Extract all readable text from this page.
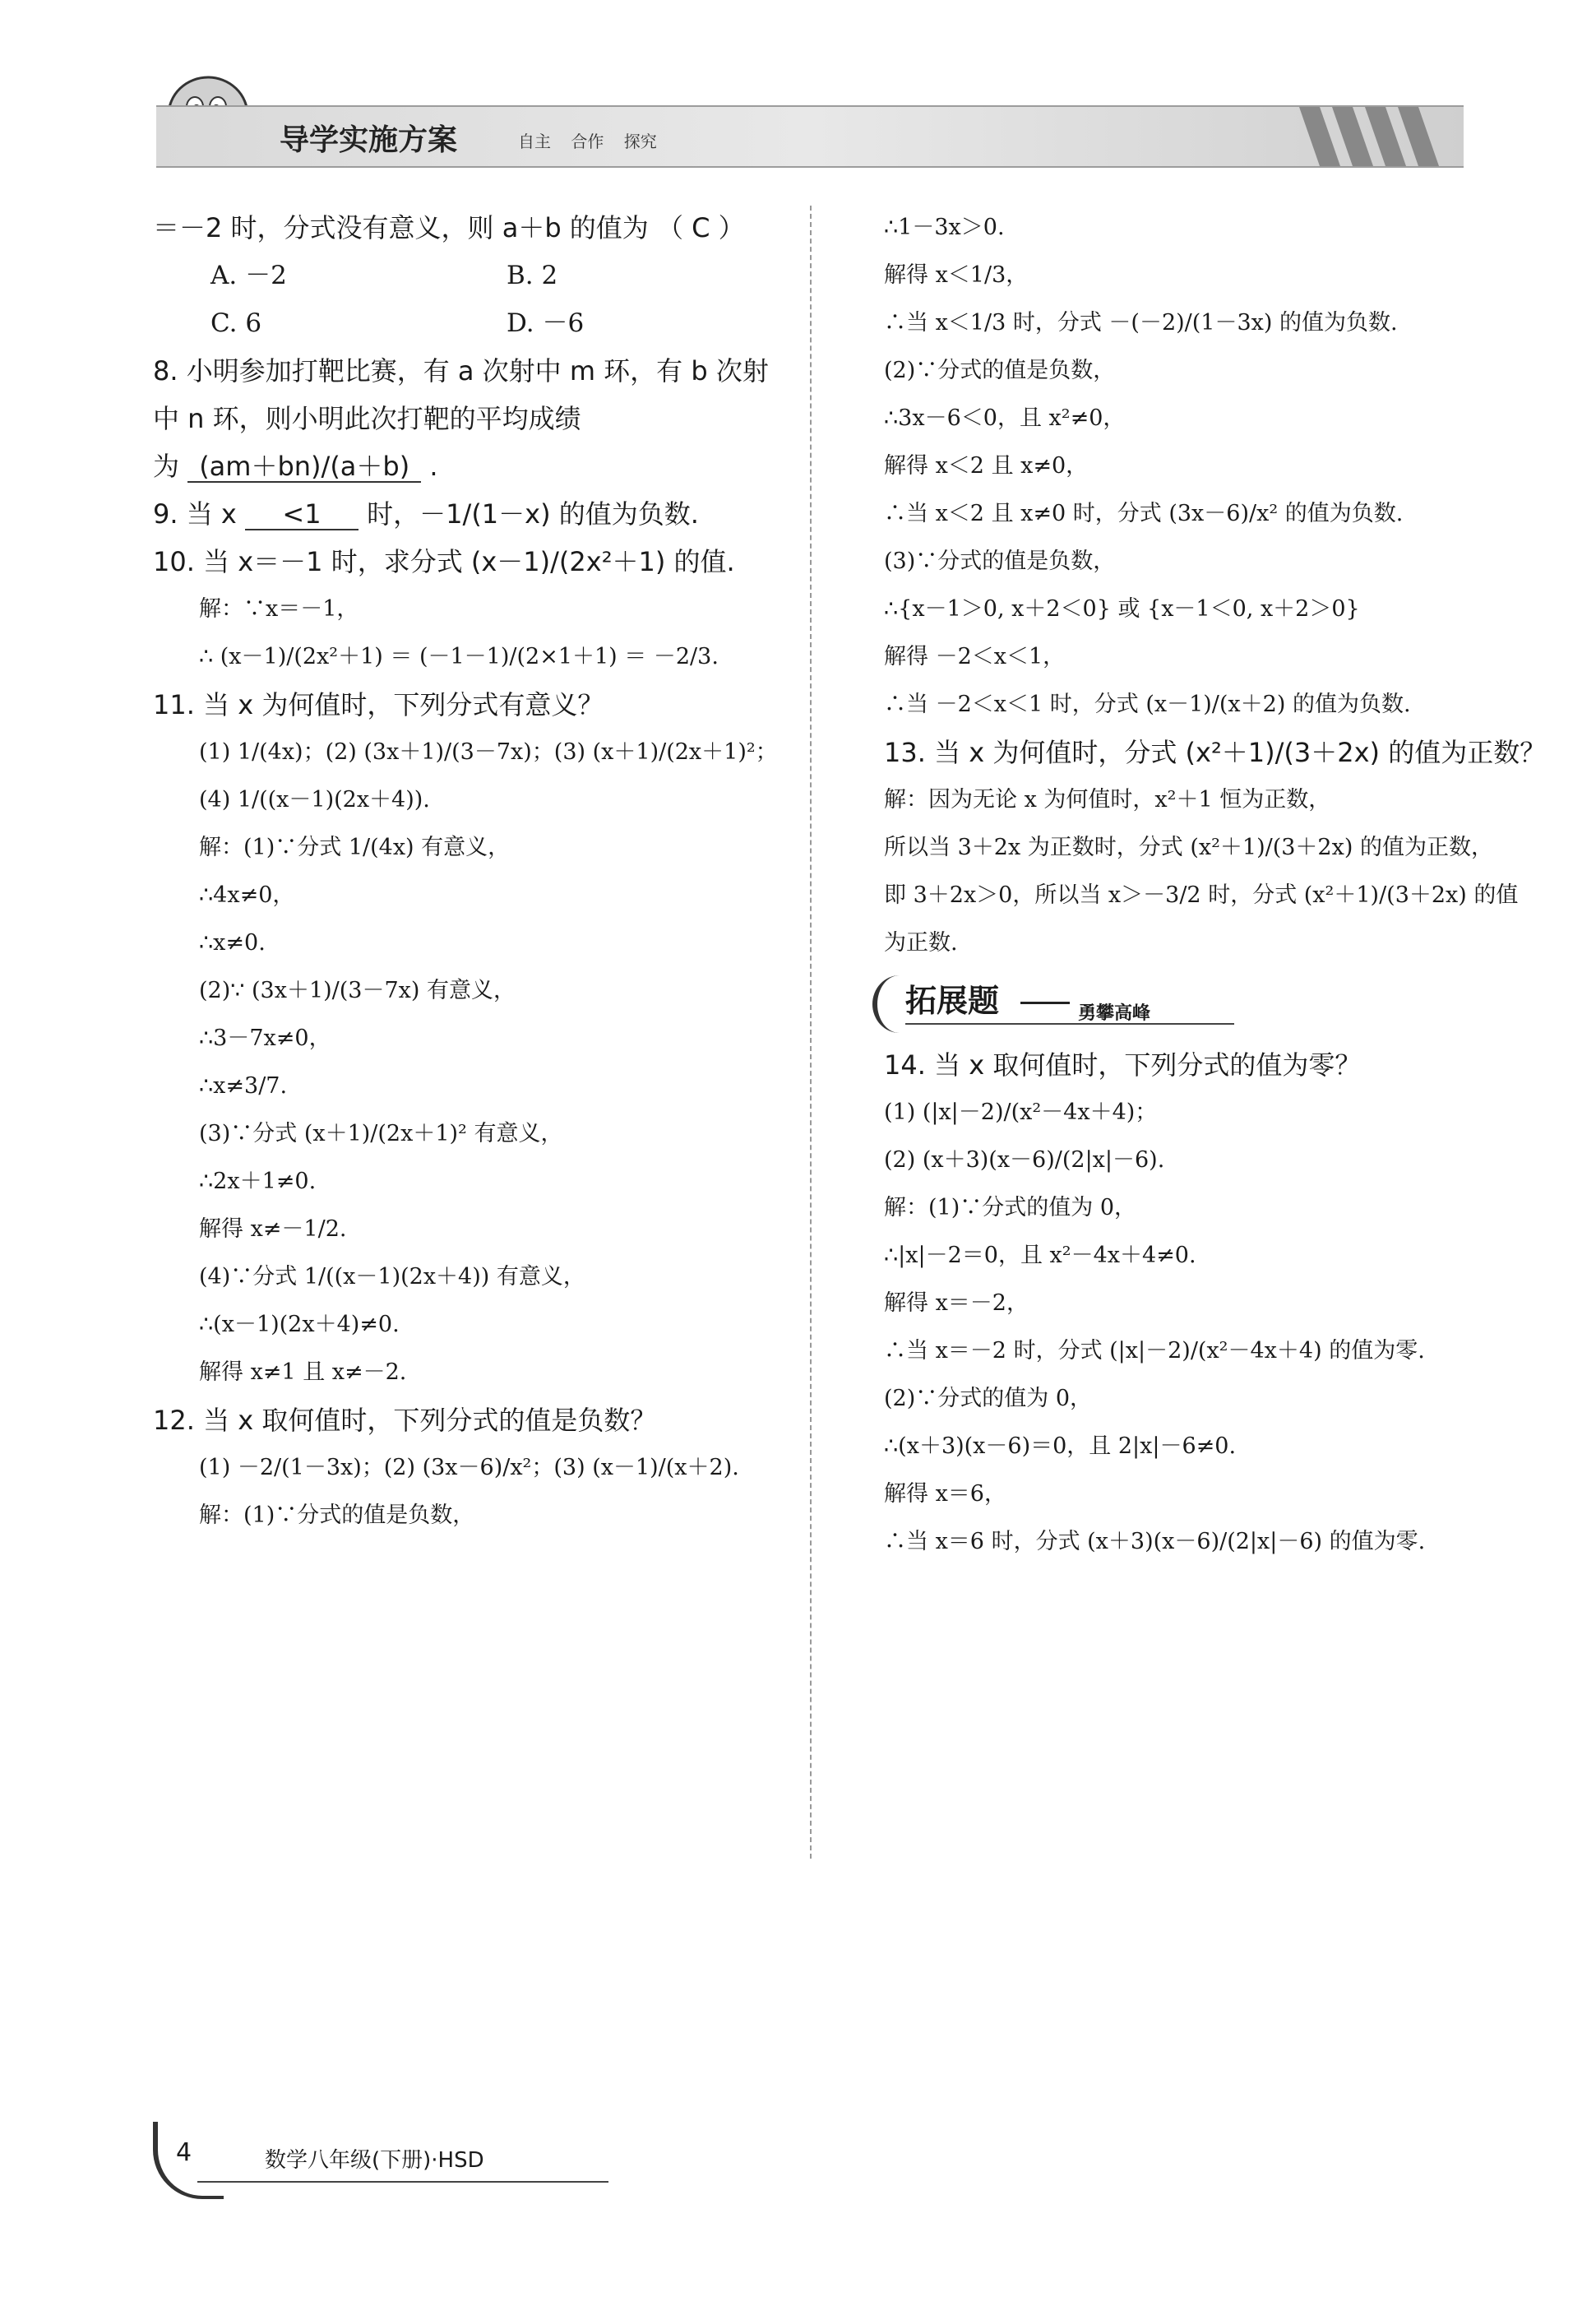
导学实施方案	自主 合作 探究
＝－2 时，分式没有意义，则 a＋b 的值为 （ C ）
A. －2	B. 2
C. 6	D. －6
8. 小明参加打靶比赛，有 a 次射中 m 环，有 b 次射
中 n 环，则小明此次打靶的平均成绩
为 (am＋bn)/(a＋b) .
9. 当 x <1 时，－1/(1－x) 的值为负数.
10. 当 x＝－1 时，求分式 (x－1)/(2x²＋1) 的值.
解：∵x＝－1，
∴ (x－1)/(2x²＋1) ＝ (－1－1)/(2×1＋1) ＝ －2/3.
11. 当 x 为何值时，下列分式有意义？
(1) 1/(4x)；(2) (3x＋1)/(3－7x)；(3) (x＋1)/(2x＋1)²；
(4) 1/((x－1)(2x＋4)).
解：(1)∵分式 1/(4x) 有意义，
∴4x≠0，
∴x≠0.
(2)∵ (3x＋1)/(3－7x) 有意义，
∴3－7x≠0，
∴x≠3/7.
(3)∵分式 (x＋1)/(2x＋1)² 有意义，
∴2x＋1≠0.
解得 x≠－1/2.
(4)∵分式 1/((x－1)(2x＋4)) 有意义，
∴(x－1)(2x＋4)≠0.
解得 x≠1 且 x≠－2.
12. 当 x 取何值时，下列分式的值是负数？
(1) －2/(1－3x)；(2) (3x－6)/x²；(3) (x－1)/(x＋2).
解：(1)∵分式的值是负数，
∴1－3x＞0.
解得 x＜1/3，
∴当 x＜1/3 时，分式 －(－2)/(1－3x) 的值为负数.
(2)∵分式的值是负数，
∴3x－6＜0，且 x²≠0，
解得 x＜2 且 x≠0，
∴当 x＜2 且 x≠0 时，分式 (3x－6)/x² 的值为负数.
(3)∵分式的值是负数，
∴{x－1＞0, x＋2＜0} 或 {x－1＜0, x＋2＞0}
解得 －2＜x＜1，
∴当 －2＜x＜1 时，分式 (x－1)/(x＋2) 的值为负数.
13. 当 x 为何值时，分式 (x²＋1)/(3＋2x) 的值为正数？
解：因为无论 x 为何值时，x²＋1 恒为正数，
所以当 3＋2x 为正数时，分式 (x²＋1)/(3＋2x) 的值为正数，
即 3＋2x＞0，所以当 x＞－3/2 时，分式 (x²＋1)/(3＋2x) 的值
为正数.
拓展题	勇攀高峰
14. 当 x 取何值时，下列分式的值为零？
(1) (|x|－2)/(x²－4x＋4)；
(2) (x＋3)(x－6)/(2|x|－6).
解：(1)∵分式的值为 0，
∴|x|－2＝0，且 x²－4x＋4≠0.
解得 x＝－2，
∴当 x＝－2 时，分式 (|x|－2)/(x²－4x＋4) 的值为零.
(2)∵分式的值为 0，
∴(x＋3)(x－6)＝0，且 2|x|－6≠0.
解得 x＝6，
∴当 x＝6 时，分式 (x＋3)(x－6)/(2|x|－6) 的值为零.
4	数学八年级(下册)·HSD
